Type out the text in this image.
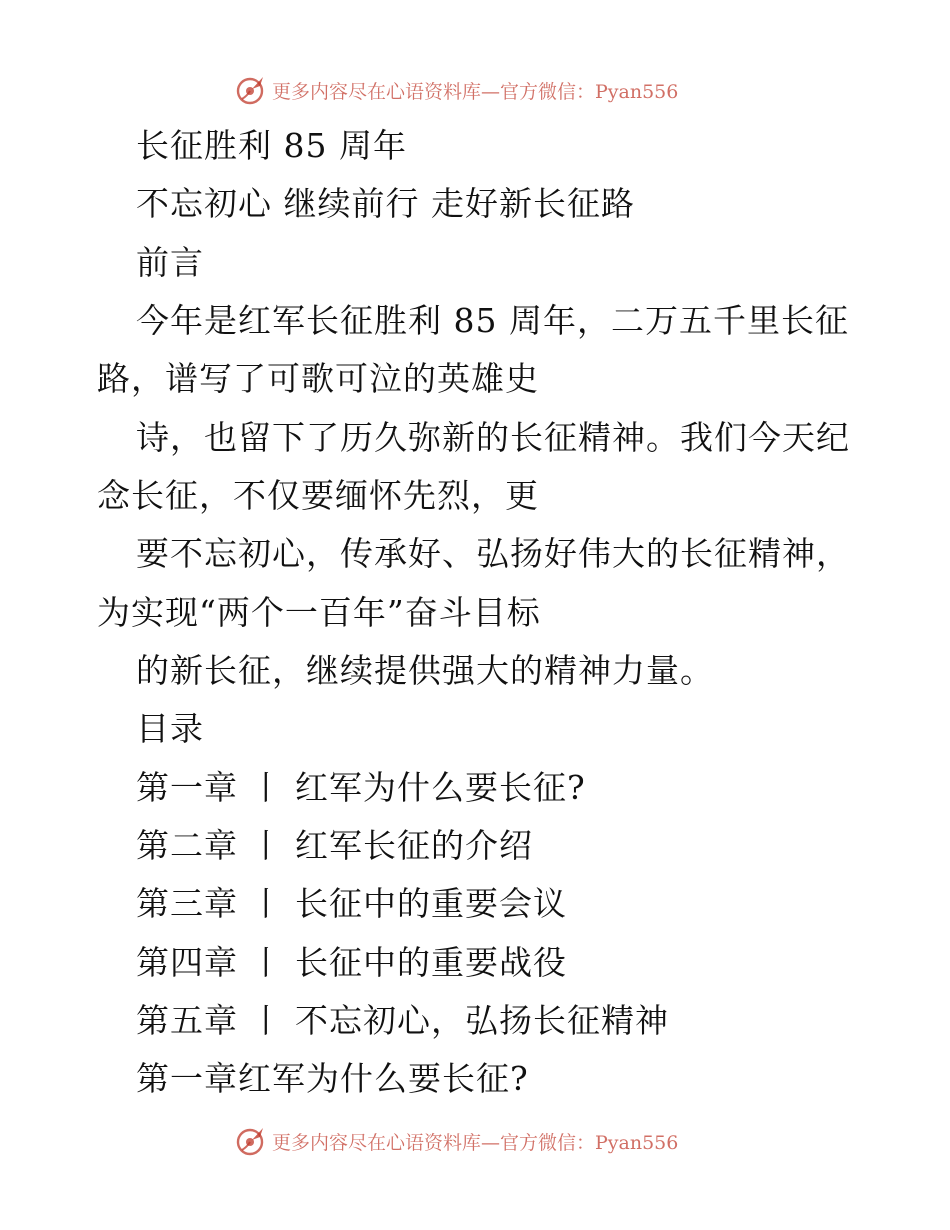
更多内容尽在心语资料库—官方微信：Pyan556
长征胜利 85 周年
不忘初心 继续前行 走好新长征路
前言
今年是红军长征胜利 85 周年，二万五千里长征
路，谱写了可歌可泣的英雄史
诗，也留下了历久弥新的长征精神。我们今天纪
念长征，不仅要缅怀先烈，更
要不忘初心，传承好、弘扬好伟大的长征精神，
为实现“两个一百年”奋斗目标
的新长征，继续提供强大的精神力量。
目录
第一章 丨 红军为什么要长征?
第二章 丨 红军长征的介绍
第三章 丨 长征中的重要会议
第四章 丨 长征中的重要战役
第五章 丨 不忘初心，弘扬长征精神
第一章红军为什么要长征?
更多内容尽在心语资料库—官方微信：Pyan556
